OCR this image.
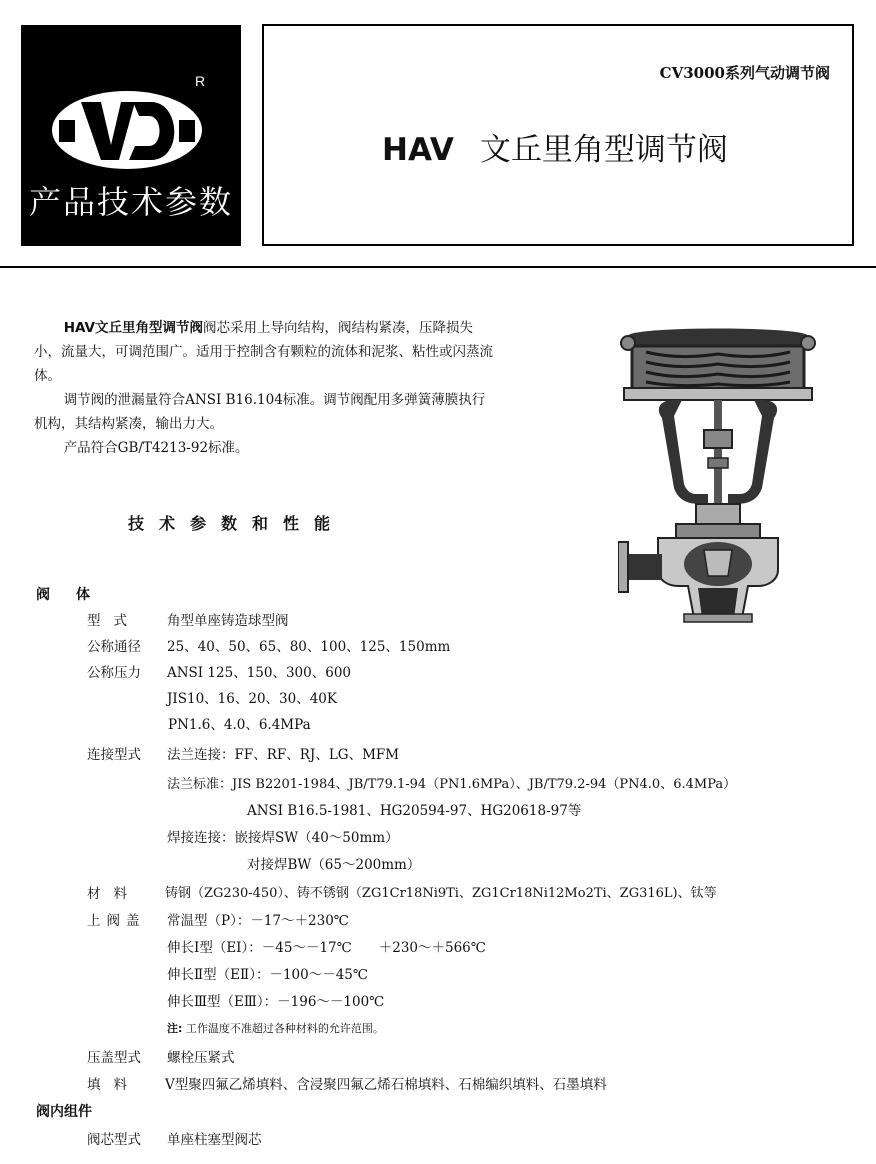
R
产品技术参数
CV3000系列气动调节阀
HAV 文丘里角型调节阀

HAV文丘里角型调节阀阀芯采用上导向结构，阀结构紧凑，压降损失小，流量大，可调范围广。适用于控制含有颗粒的流体和泥浆、粘性或闪蒸流体。

调节阀的泄漏量符合ANSI B16.104标准。调节阀配用多弹簧薄膜执行机构，其结构紧凑，输出力大。

产品符合GB/T4213-92标准。

技术参数和性能
阀 体
型式 角型单座铸造球型阀
公称通径 25、40、50、65、80、100、125、150mm
公称压力 ANSI 125、150、300、600
JIS10、16、20、30、40K
PN1.6、4.0、6.4MPa
连接型式 法兰连接：FF、RF、RJ、LG、MFM
法兰标准：JIS B2201-1984、JB/T79.1-94（PN1.6MPa）、JB/T79.2-94（PN4.0、6.4MPa）
ANSI B16.5-1981、HG20594-97、HG20618-97等
焊接连接：嵌接焊SW（40～50mm）
对接焊BW（65～200mm）
材料 铸钢（ZG230-450）、铸不锈钢（ZG1Cr18Ni9Ti、ZG1Cr18Ni12Mo2Ti、ZG316L)、钛等
上阀盖 常温型（P）：－17～＋230℃
伸长Ⅰ型（EⅠ）：－45～－17℃　　＋230～＋566℃
伸长Ⅱ型（EⅡ）：－100～－45℃
伸长Ⅲ型（EⅢ）：－196～－100℃
注: 工作温度不准超过各种材料的允许范围。
压盖型式 螺栓压紧式
填料 V型聚四氟乙烯填料、含浸聚四氟乙烯石棉填料、石棉编织填料、石墨填料
阀内组件
阀芯型式 单座柱塞型阀芯
